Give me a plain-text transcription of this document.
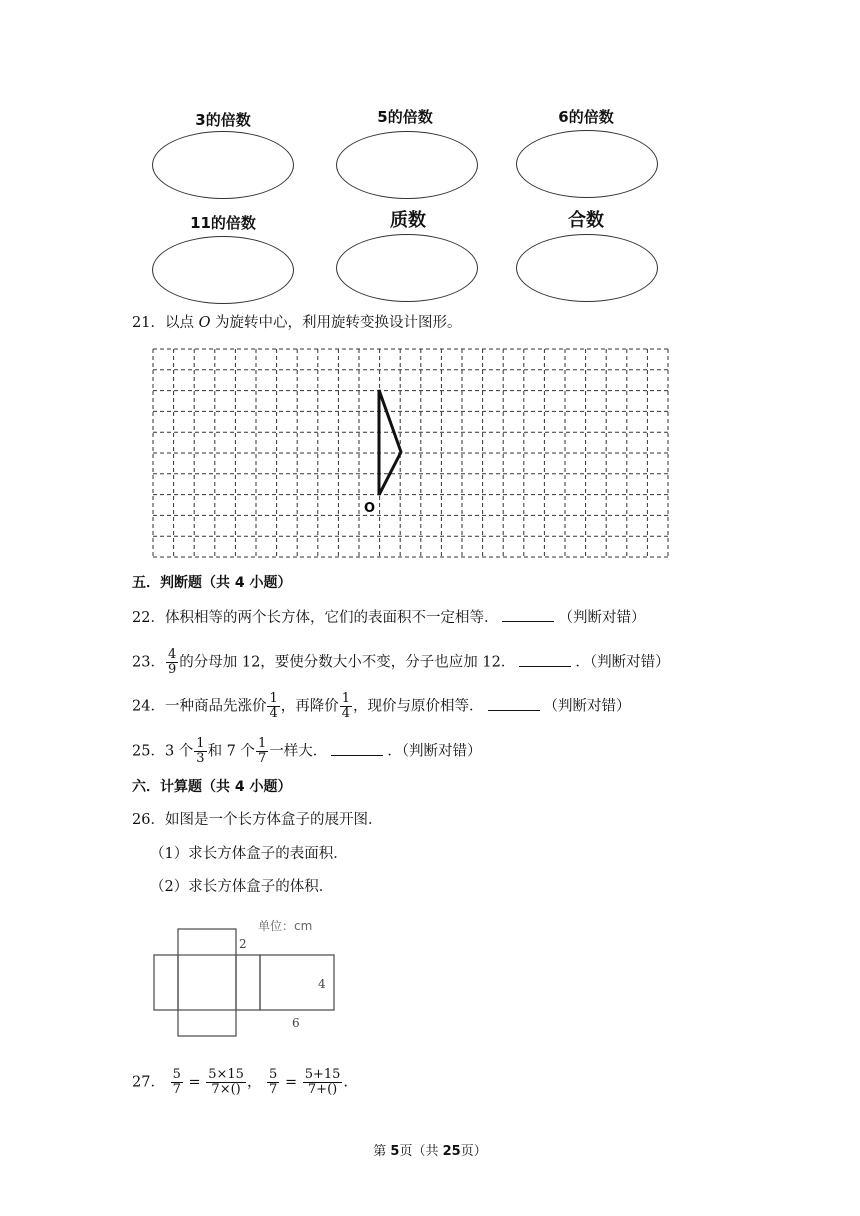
3的倍数	5的倍数	6的倍数
11的倍数	质数	合数
21．以点 O 为旋转中心，利用旋转变换设计图形。
O
五．判断题（共 4 小题）
22．体积相等的两个长方体，它们的表面积不一定相等．	（判断对错）
23． $\frac{4}{9}$ 的分母加 12，要使分数大小不变，分子也应加 12．	．（判断对错）
24．一种商品先涨价 $\frac{1}{4}$ ，再降价 $\frac{1}{4}$ ，现价与原价相等．	（判断对错）
25．3 个 $\frac{1}{3}$ 和 7 个 $\frac{1}{7}$ 一样大．	．（判断对错）
六．计算题（共 4 小题）
26．如图是一个长方体盒子的展开图．
（1）求长方体盒子的表面积．
（2）求长方体盒子的体积．
单位：cm
2
4
6
27． $\frac{5}{7} = \frac{5\times 15}{7\times()}$ ， $\frac{5}{7} = \frac{5+15}{7+()}$ .
第 5页（共 25页）
